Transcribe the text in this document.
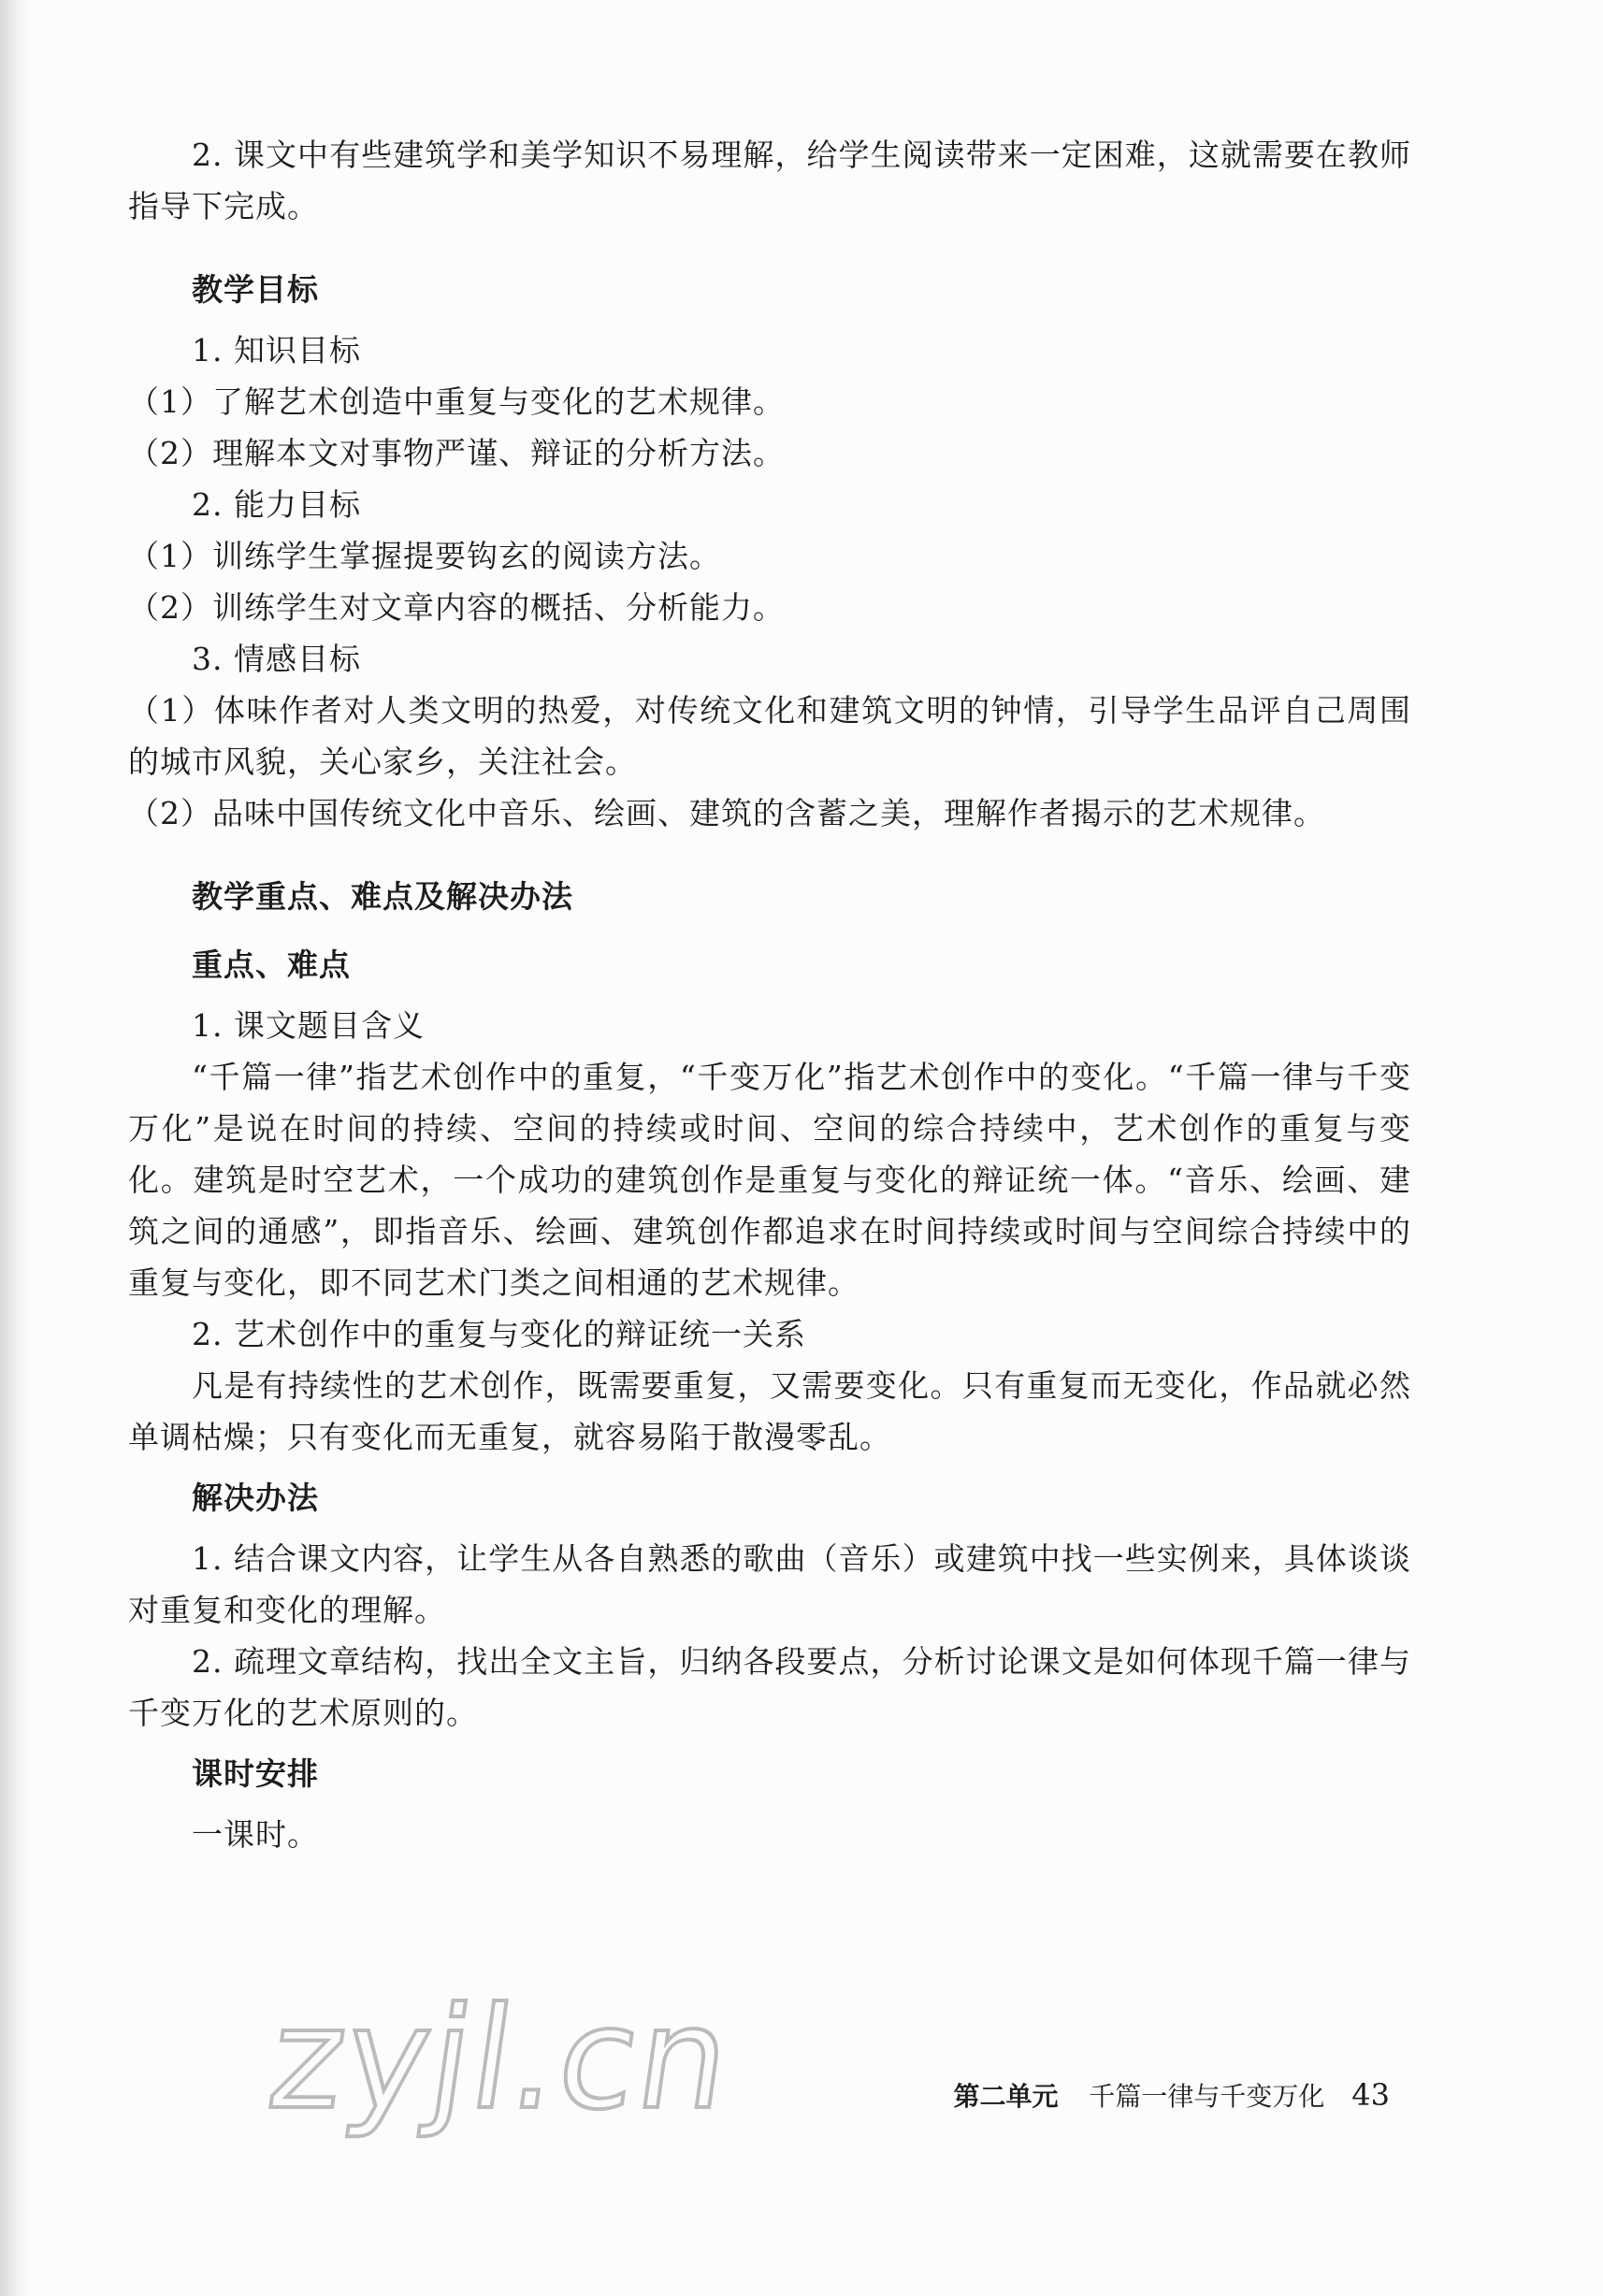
2. 课文中有些建筑学和美学知识不易理解，给学生阅读带来一定困难，这就需要在教师指导下完成。

教学目标

1. 知识目标

（1）了解艺术创造中重复与变化的艺术规律。

（2）理解本文对事物严谨、辩证的分析方法。

2. 能力目标

（1）训练学生掌握提要钩玄的阅读方法。

（2）训练学生对文章内容的概括、分析能力。

3. 情感目标

（1）体味作者对人类文明的热爱，对传统文化和建筑文明的钟情，引导学生品评自己周围的城市风貌，关心家乡，关注社会。

（2）品味中国传统文化中音乐、绘画、建筑的含蓄之美，理解作者揭示的艺术规律。

教学重点、难点及解决办法
重点、难点

1. 课文题目含义

“千篇一律”指艺术创作中的重复，“千变万化”指艺术创作中的变化。“千篇一律与千变万化”是说在时间的持续、空间的持续或时间、空间的综合持续中，艺术创作的重复与变化。建筑是时空艺术，一个成功的建筑创作是重复与变化的辩证统一体。“音乐、绘画、建筑之间的通感”，即指音乐、绘画、建筑创作都追求在时间持续或时间与空间综合持续中的重复与变化，即不同艺术门类之间相通的艺术规律。

2. 艺术创作中的重复与变化的辩证统一关系

凡是有持续性的艺术创作，既需要重复，又需要变化。只有重复而无变化，作品就必然单调枯燥；只有变化而无重复，就容易陷于散漫零乱。

解决办法

1. 结合课文内容，让学生从各自熟悉的歌曲（音乐）或建筑中找一些实例来，具体谈谈对重复和变化的理解。

2. 疏理文章结构，找出全文主旨，归纳各段要点，分析讨论课文是如何体现千篇一律与千变万化的艺术原则的。

课时安排

一课时。

zyjl.cn	第二单元 千篇一律与千变万化 43
